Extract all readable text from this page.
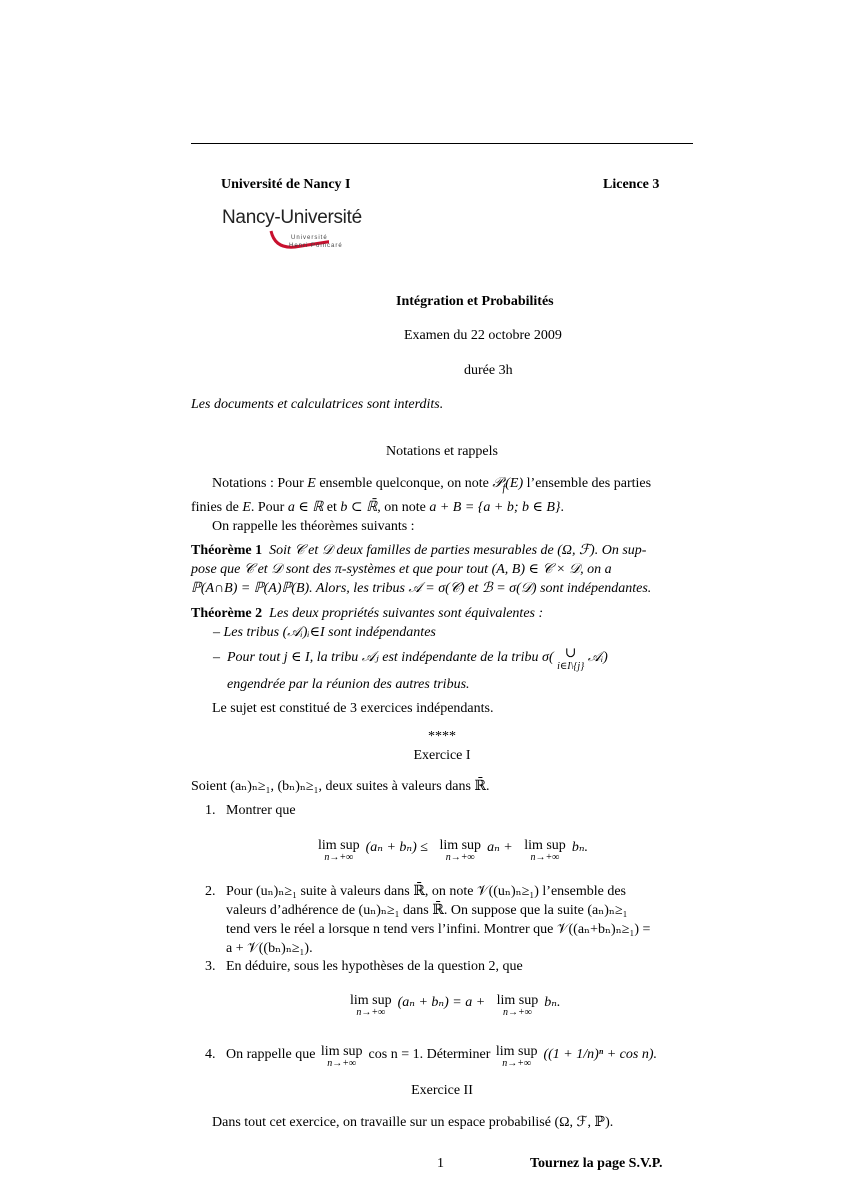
Université de Nancy I	Licence 3
Nancy-Université
Université
Henri Poincaré
Intégration et Probabilités
Examen du 22 octobre 2009
durée 3h
Les documents et calculatrices sont interdits.
Notations et rappels
Notations : Pour E ensemble quelconque, on note 𝒫$_f$(E) l’ensemble des parties
finies de E. Pour a ∈ ℝ et b ⊂ ℝ̄, on note a + B = {a + b; b ∈ B}.
On rappelle les théorèmes suivants :
Théorème 1 Soit 𝒞 et 𝒟 deux familles de parties mesurables de (Ω, ℱ). On sup-
pose que 𝒞 et 𝒟 sont des π-systèmes et que pour tout (A, B) ∈ 𝒞 × 𝒟, on a
ℙ(A∩B) = ℙ(A)ℙ(B). Alors, les tribus 𝒜 = σ(𝒞) et ℬ = σ(𝒟) sont indépendantes.
Théorème 2 Les deux propriétés suivantes sont équivalentes :
– Les tribus (𝒜ᵢ)ᵢ∈I sont indépendantes
–  Pour tout j ∈ I, la tribu 𝒜ⱼ est indépendante de la tribu σ( ∪
i∈I\{j} 𝒜ᵢ)
engendrée par la réunion des autres tribus.
Le sujet est constitué de 3 exercices indépendants.
****
Exercice I
Soient (aₙ)ₙ≥₁, (bₙ)ₙ≥₁, deux suites à valeurs dans ℝ̄.
1. Montrer que
lim sup
n→+∞
(aₙ + bₙ) ≤ lim sup
n→+∞
aₙ + lim sup
n→+∞
bₙ.
2. Pour (uₙ)ₙ≥₁ suite à valeurs dans ℝ̄, on note 𝒱((uₙ)ₙ≥₁) l’ensemble des
valeurs d’adhérence de (uₙ)ₙ≥₁ dans ℝ̄. On suppose que la suite (aₙ)ₙ≥₁
tend vers le réel a lorsque n tend vers l’infini. Montrer que 𝒱((aₙ+bₙ)ₙ≥₁) =
a + 𝒱((bₙ)ₙ≥₁).
3. En déduire, sous les hypothèses de la question 2, que
lim sup
n→+∞
(aₙ + bₙ) = a + lim sup
n→+∞
bₙ.
4. On rappelle que lim sup
n→+∞
cos n = 1. Déterminer lim sup
n→+∞
((1 + 1/n)ⁿ + cos n).
Exercice II
Dans tout cet exercice, on travaille sur un espace probabilisé (Ω, ℱ, ℙ).
1	Tournez la page S.V.P.
